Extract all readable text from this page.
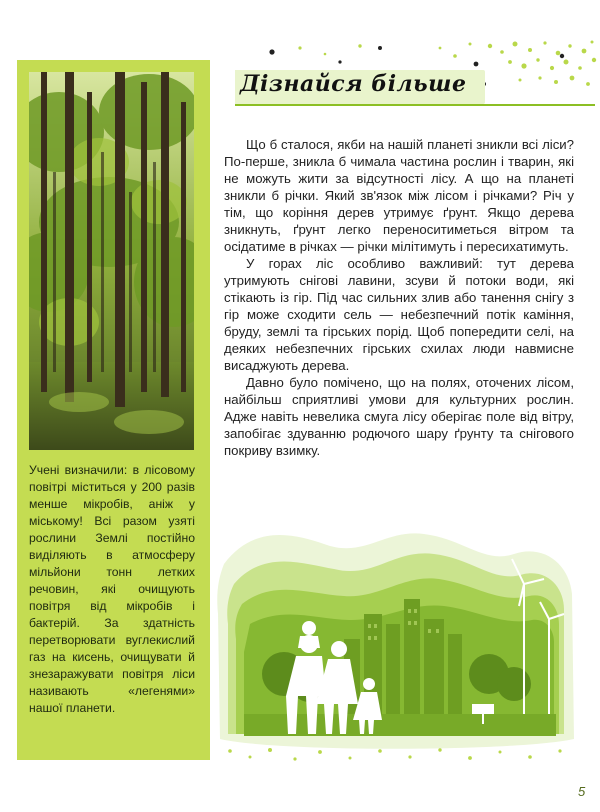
Дізнайся більше
Учені визначили: в лісовому повітрі міститься у 200 разів менше мікробів, аніж у міському! Всі разом узяті рослини Землі постійно виділяють в атмосферу мільйони тонн летких речовин, які очищують повітря від мікробів і бактерій. За здатність перетворювати вуглекислий газ на кисень, очищувати й знезаражувати повітря ліси називають «легенями» нашої планети.

Що б сталося, якби на нашій планеті зникли всі ліси? По-перше, зникла б чимала частина рослин і тварин, які не можуть жити за відсутності лісу. А що на планеті зникли б річки. Який зв'язок між лісом і річками? Річ у тім, що коріння дерев утримує ґрунт. Якщо дерева зникнуть, ґрунт легко переноситиметься вітром та осідатиме в річках — річки мілітимуть і пересихатимуть.

У горах ліс особливо важливий: тут дерева утримують снігові лавини, зсуви й потоки води, які стікають із гір. Під час сильних злив або танення снігу з гір може сходити сель — небезпечний потік каміння, бруду, землі та гірських порід. Щоб попередити селі, на деяких небезпечних гірських схилах люди навмисне висаджують дерева.

Давно було помічено, що на полях, оточених лісом, найбільш сприятливі умови для культурних рослин. Адже навіть невелика смуга лісу оберігає поле від вітру, запобігає здуванню родючого шару ґрунту та снігового покриву взимку.

5
